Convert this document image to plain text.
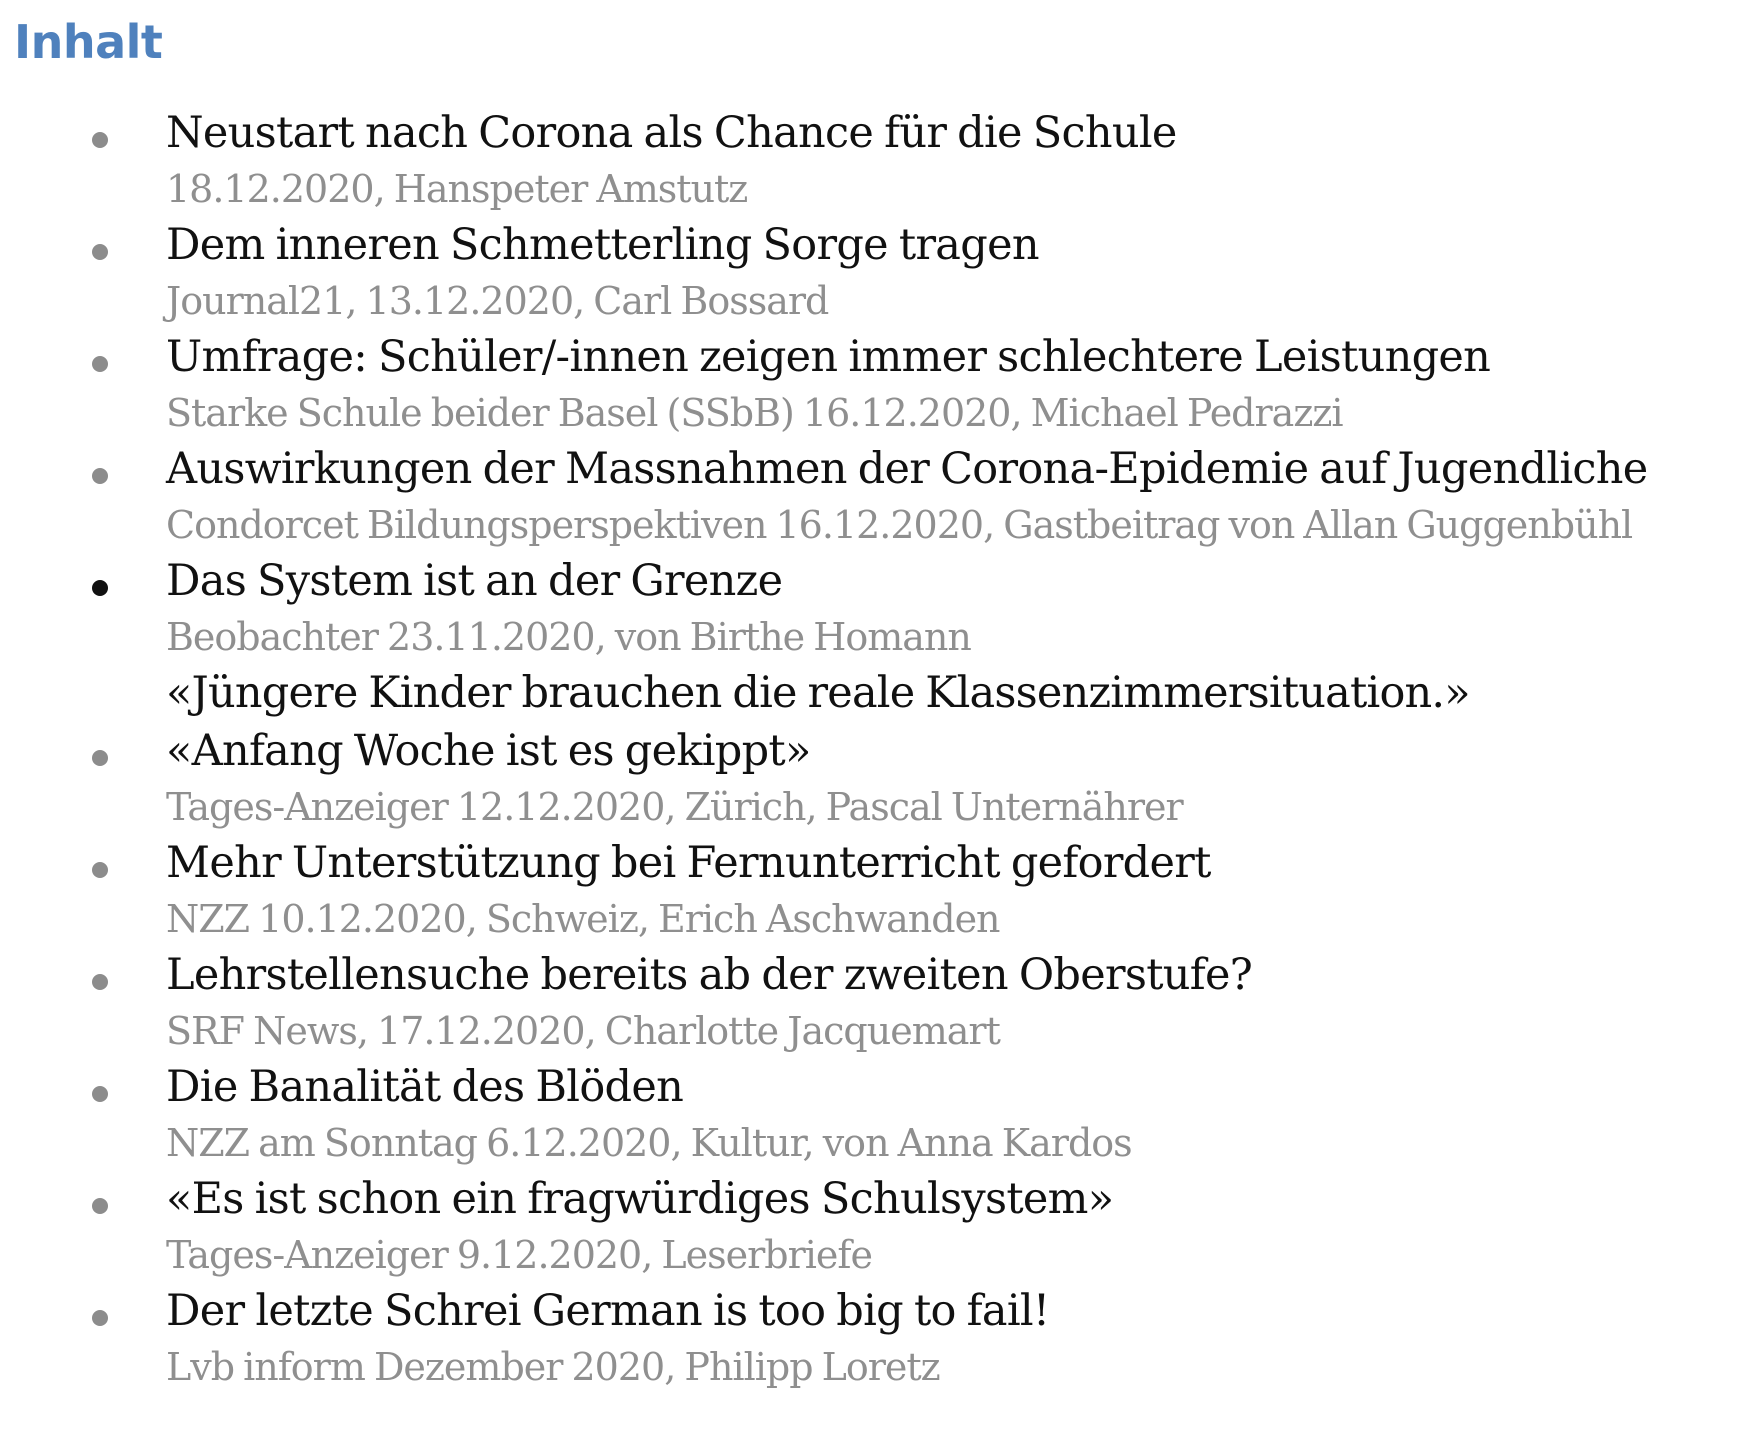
Inhalt
Neustart nach Corona als Chance für die Schule
18.12.2020, Hanspeter Amstutz
Dem inneren Schmetterling Sorge tragen
Journal21, 13.12.2020, Carl Bossard
Umfrage: Schüler/-innen zeigen immer schlechtere Leistungen
Starke Schule beider Basel (SSbB) 16.12.2020, Michael Pedrazzi
Auswirkungen der Massnahmen der Corona-Epidemie auf Jugendliche
Condorcet Bildungsperspektiven 16.12.2020, Gastbeitrag von Allan Guggenbühl
Das System ist an der Grenze
Beobachter 23.11.2020, von Birthe Homann
«Jüngere Kinder brauchen die reale Klassenzimmersituation.»
«Anfang Woche ist es gekippt»
Tages-Anzeiger 12.12.2020, Zürich, Pascal Unternährer
Mehr Unterstützung bei Fernunterricht gefordert
NZZ 10.12.2020, Schweiz, Erich Aschwanden
Lehrstellensuche bereits ab der zweiten Oberstufe?
SRF News, 17.12.2020, Charlotte Jacquemart
Die Banalität des Blöden
NZZ am Sonntag 6.12.2020, Kultur, von Anna Kardos
«Es ist schon ein fragwürdiges Schulsystem»
Tages-Anzeiger 9.12.2020, Leserbriefe
Der letzte Schrei German is too big to fail!
Lvb inform Dezember 2020, Philipp Loretz
